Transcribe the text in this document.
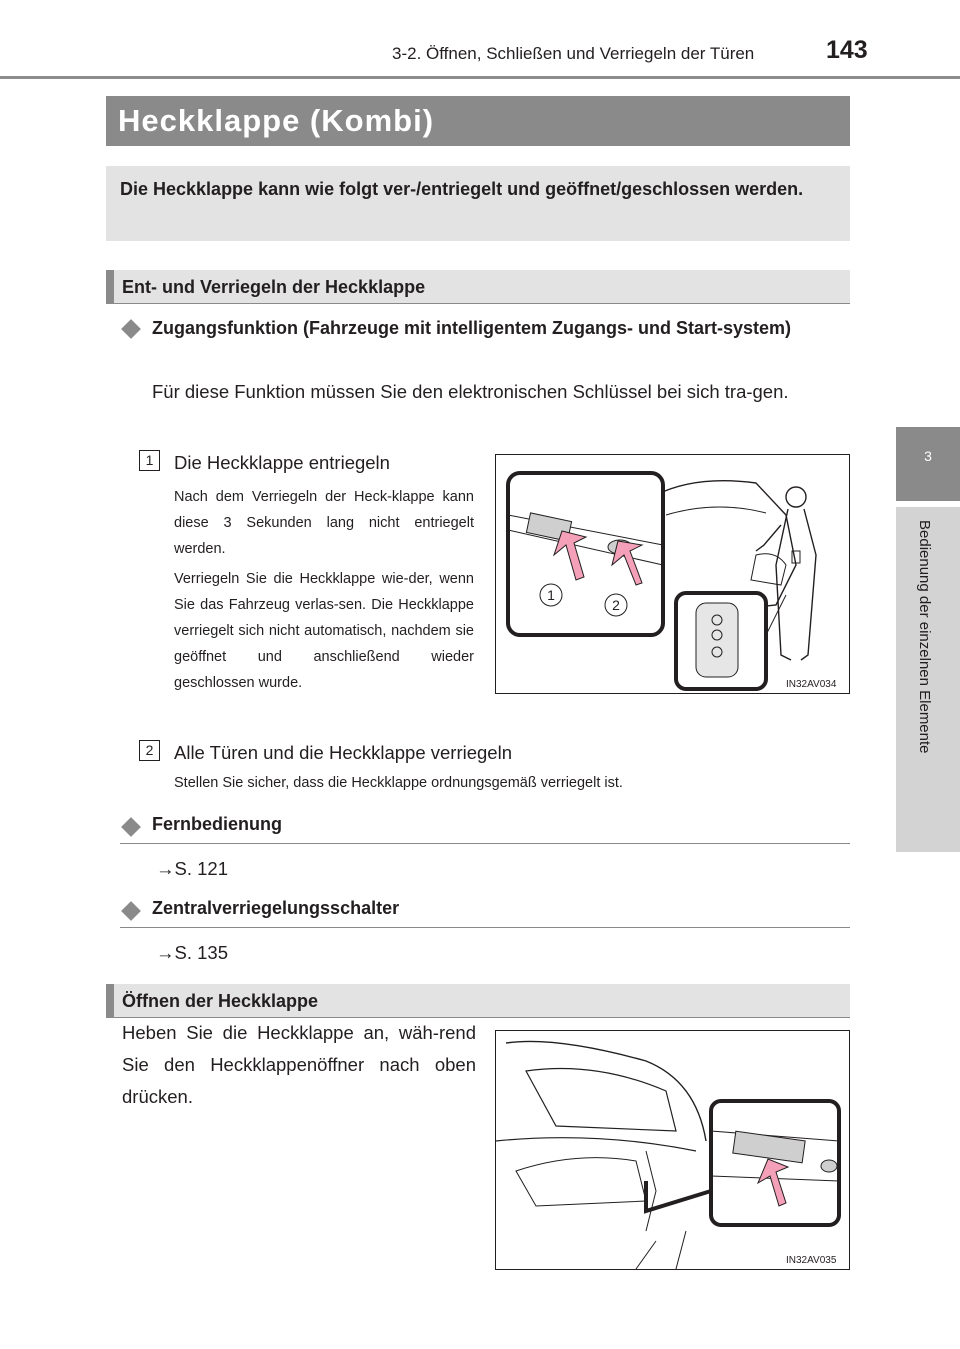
3-2. Öffnen, Schließen und Verriegeln der Türen	143
3
Bedienung der einzelnen Elemente
Heckklappe (Kombi)
Die Heckklappe kann wie folgt ver-/entriegelt und geöffnet/geschlossen werden.
Ent- und Verriegeln der Heckklappe
Zugangsfunktion (Fahrzeuge mit intelligentem Zugangs- und Start-system)
Für diese Funktion müssen Sie den elektronischen Schlüssel bei sich tra-gen.
1	Die Heckklappe entriegeln
Nach dem Verriegeln der Heck-klappe kann diese 3 Sekunden lang nicht entriegelt werden.
Verriegeln Sie die Heckklappe wie-der, wenn Sie das Fahrzeug verlas-sen. Die Heckklappe verriegelt sich nicht automatisch, nachdem sie geöffnet und anschließend wieder geschlossen wurde.
1
2
IN32AV034
2	Alle Türen und die Heckklappe verriegeln
Stellen Sie sicher, dass die Heckklappe ordnungsgemäß verriegelt ist.
Fernbedienung
→S. 121
Zentralverriegelungsschalter
→S. 135
Öffnen der Heckklappe
Heben Sie die Heckklappe an, wäh-rend Sie den Heckklappenöffner nach oben drücken.
IN32AV035
